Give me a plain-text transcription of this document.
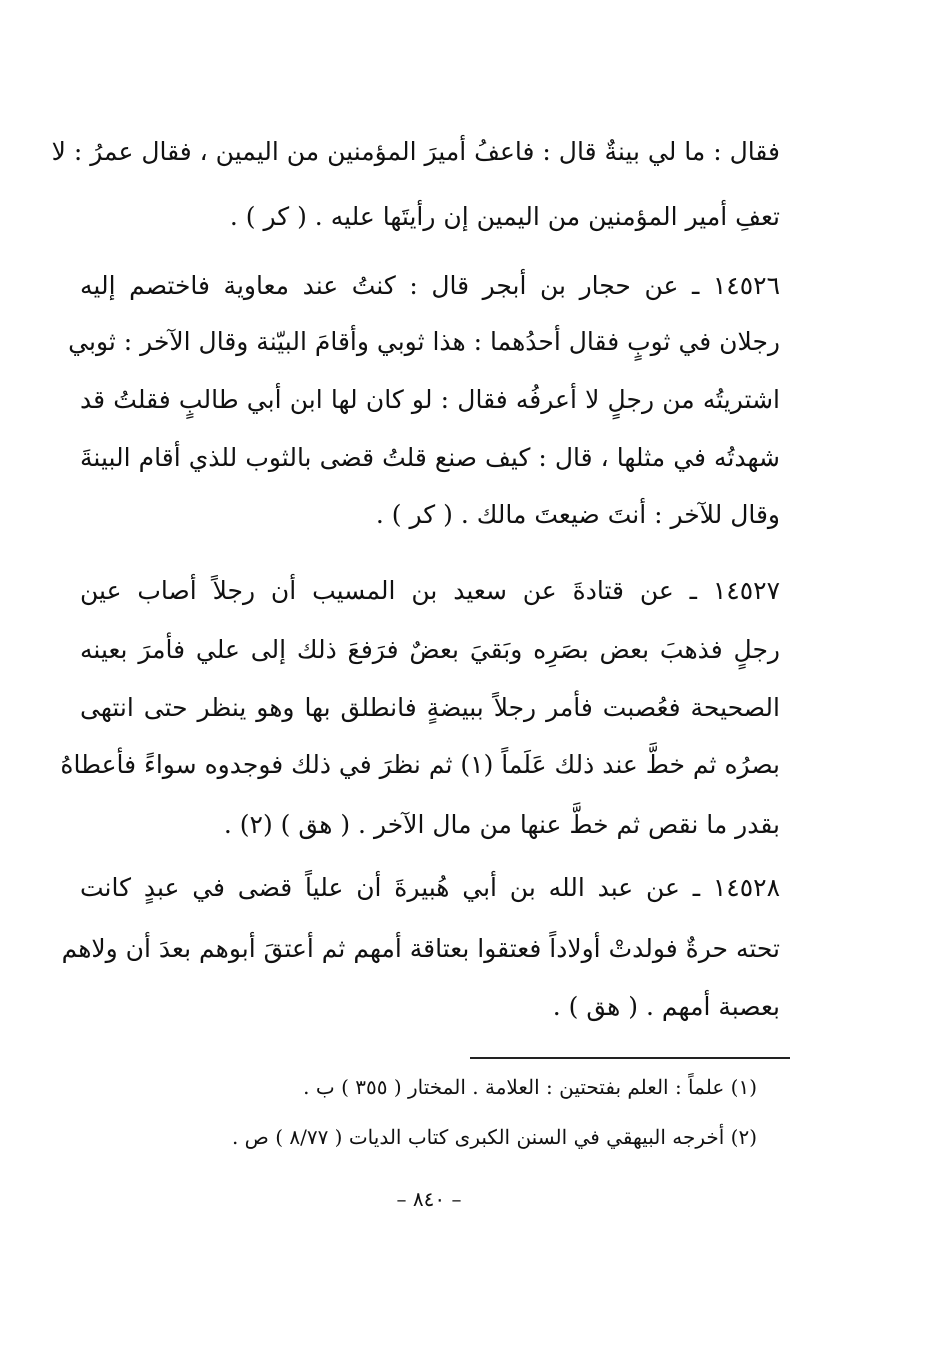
فقال : ما لي بينةٌ قال : فاعفُ أميرَ المؤمنين من اليمين ، فقال عمرُ : لا
تعفِ أمير المؤمنين من اليمين إن رأيتَها عليه . ( كر ) .
١٤٥٢٦ ـ عن حجار بن أبجر قال : كنتُ عند معاوية فاختصم إليه
رجلان في ثوبٍ فقال أحدُهما : هذا ثوبي وأقامَ البيّنة وقال الآخر : ثوبي
اشتريتُه من رجلٍ لا أعرفُه فقال : لو كان لها ابن أبي طالبٍ فقلتُ قد
شهدتُه في مثلها ، قال : كيف صنع قلتُ قضى بالثوب للذي أقام البينةَ
وقال للآخر : أنتَ ضيعتَ مالك . ( كر ) .
١٤٥٢٧ ـ عن قتادةَ عن سعيد بن المسيب أن رجلاً أصاب عين
رجلٍ فذهبَ بعض بصَرِه وبَقيَ بعضٌ فرَفعَ ذلك إلى علي فأمرَ بعينه
الصحيحة فعُصبت فأمر رجلاً ببيضةٍ فانطلق بها وهو ينظر حتى انتهى
بصرُه ثم خطَّ عند ذلك عَلَماً (١) ثم نظرَ في ذلك فوجدوه سواءً فأعطاهُ
بقدر ما نقص ثم خطَّ عنها من مال الآخر . ( هق ) (٢) .
١٤٥٢٨ ـ عن عبد الله بن أبي هُبيرةَ أن علياً قضى في عبدٍ كانت
تحته حرةٌ فولدتْ أولاداً فعتقوا بعتاقة أمهم ثم أعتقَ أبوهم بعدَ أن ولاهم
بعصبة أمهم . ( هق ) .
(١) علماً : العلم بفتحتين : العلامة . المختار ( ٣٥٥ ) ب .
(٢) أخرجه البيهقي في السنن الكبرى كتاب الديات ( ٨/٧٧ ) ص .
– ٨٤٠ –
